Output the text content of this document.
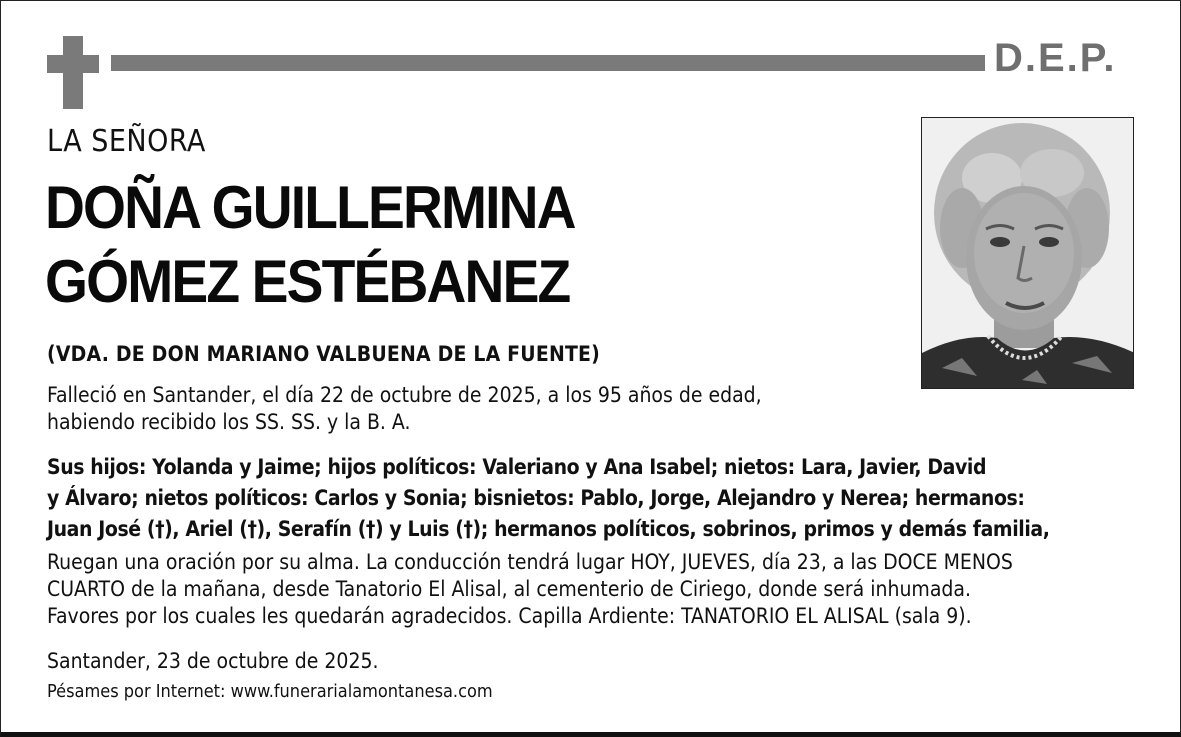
D.E.P.
LA SEÑORA
DOÑA GUILLERMINA
GÓMEZ ESTÉBANEZ
(VDA. DE DON MARIANO VALBUENA DE LA FUENTE)
Falleció en Santander, el día 22 de octubre de 2025, a los 95 años de edad,
habiendo recibido los SS. SS. y la B. A.
Sus hijos: Yolanda y Jaime; hijos políticos: Valeriano y Ana Isabel; nietos: Lara, Javier, David
y Álvaro; nietos políticos: Carlos y Sonia; bisnietos: Pablo, Jorge, Alejandro y Nerea; hermanos:
Juan José (†), Ariel (†), Serafín (†) y Luis (†); hermanos políticos, sobrinos, primos y demás familia,
Ruegan una oración por su alma. La conducción tendrá lugar HOY, JUEVES, día 23, a las DOCE MENOS
CUARTO de la mañana, desde Tanatorio El Alisal, al cementerio de Ciriego, donde será inhumada.
Favores por los cuales les quedarán agradecidos. Capilla Ardiente: TANATORIO EL ALISAL (sala 9).
Santander, 23 de octubre de 2025.
Pésames por Internet: www.funerarialamontanesa.com
